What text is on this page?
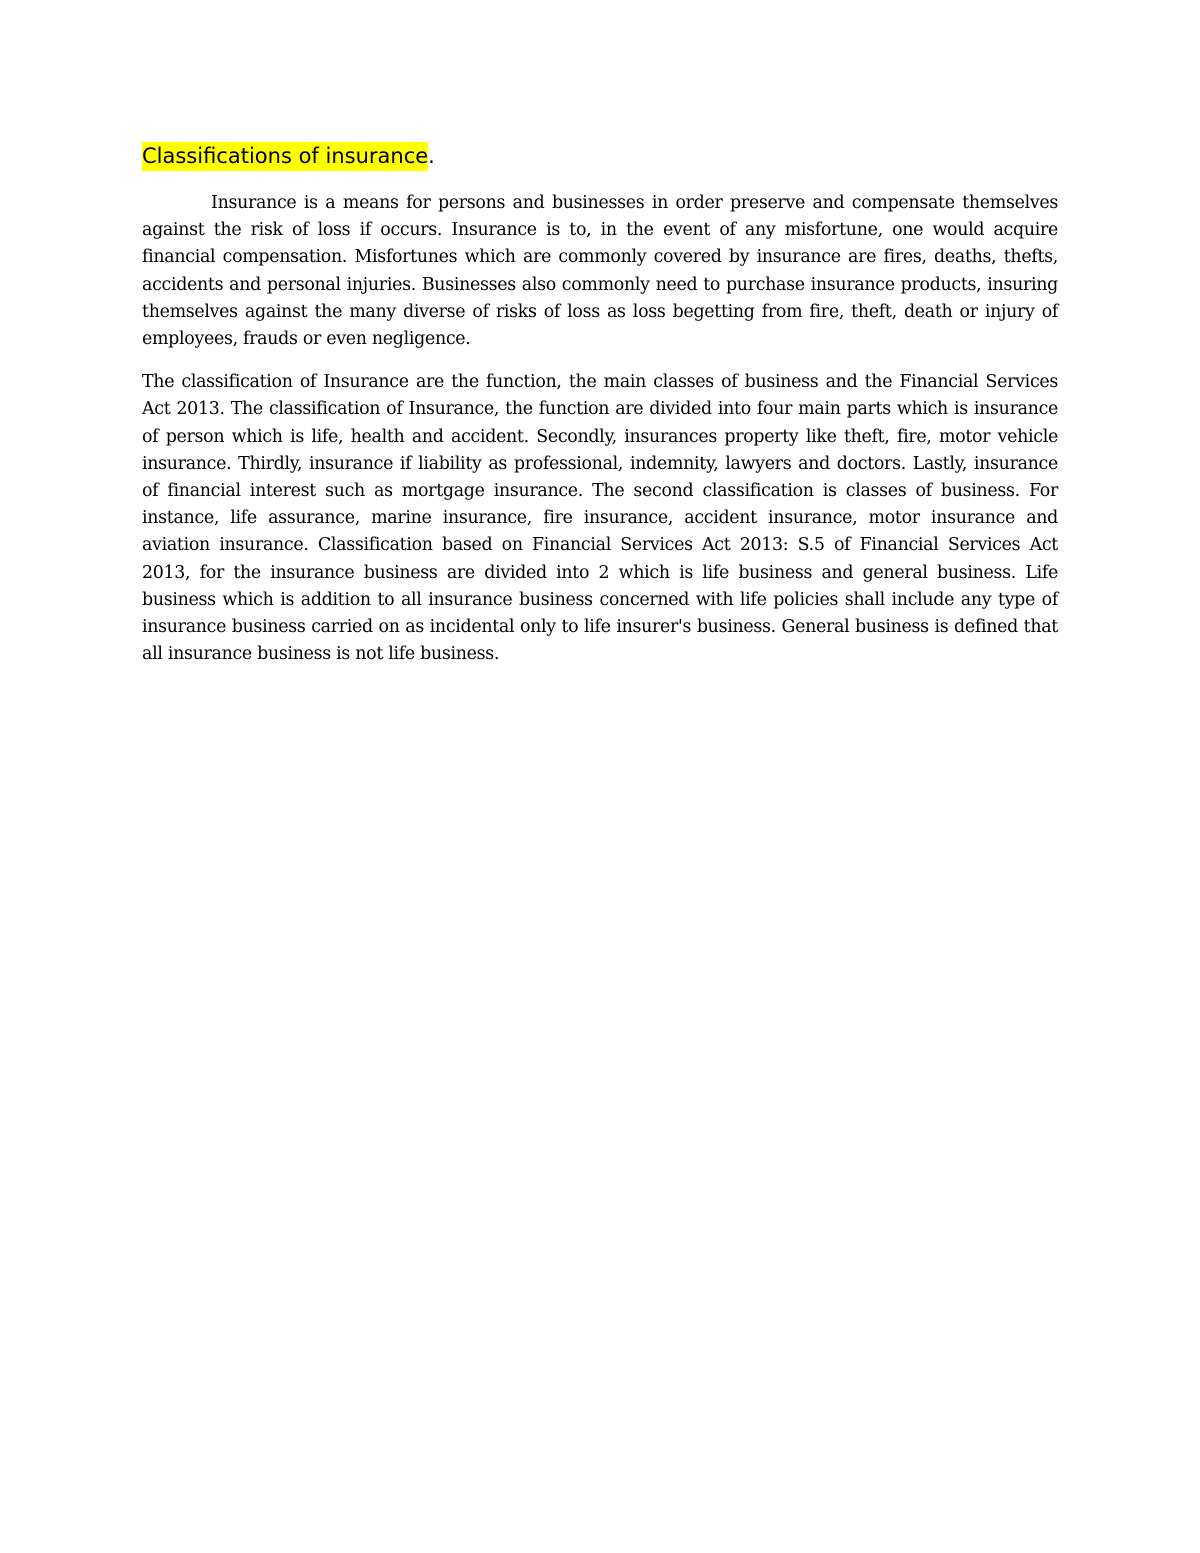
Classifications of insurance.

Insurance is a means for persons and businesses in order preserve and compensate themselves against the risk of loss if occurs. Insurance is to, in the event of any misfortune, one would acquire financial compensation. Misfortunes which are commonly covered by insurance are fires, deaths, thefts, accidents and personal injuries. Businesses also commonly need to purchase insurance products, insuring themselves against the many diverse of risks of loss as loss begetting from fire, theft, death or injury of employees, frauds or even negligence.

The classification of Insurance are the function, the main classes of business and the Financial Services Act 2013. The classification of Insurance, the function are divided into four main parts which is insurance of person which is life, health and accident. Secondly, insurances property like theft, fire, motor vehicle insurance. Thirdly, insurance if liability as professional, indemnity, lawyers and doctors. Lastly, insurance of financial interest such as mortgage insurance. The second classification is classes of business. For instance, life assurance, marine insurance, fire insurance, accident insurance, motor insurance and aviation insurance. Classification based on Financial Services Act 2013: S.5 of Financial Services Act 2013, for the insurance business are divided into 2 which is life business and general business. Life business which is addition to all insurance business concerned with life policies shall include any type of insurance business carried on as incidental only to life insurer's business. General business is defined that all insurance business is not life business.
